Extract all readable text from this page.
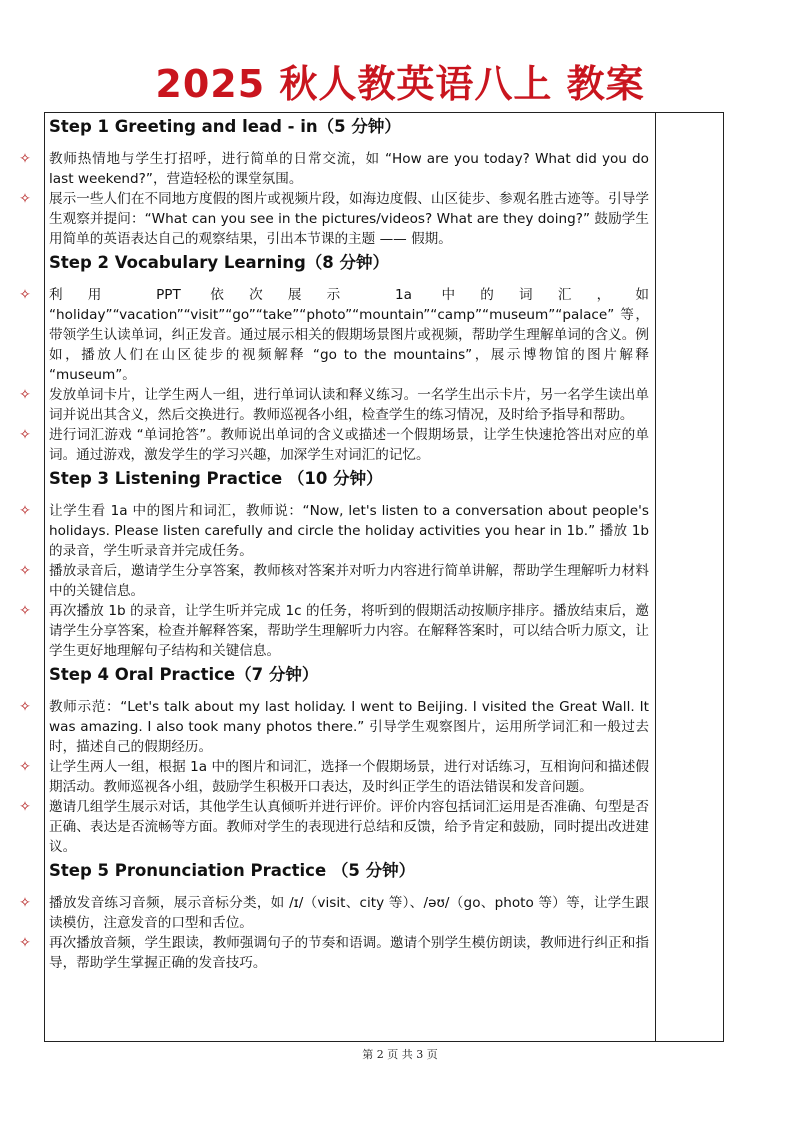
2025 秋人教英语八上 教案
Step 1 Greeting and lead - in（5 分钟）
✧	教师热情地与学生打招呼，进行简单的日常交流，如 “How are you today? What did you do last weekend?”，营造轻松的课堂氛围。
✧	展示一些人们在不同地方度假的图片或视频片段，如海边度假、山区徒步、参观名胜古迹等。引导学生观察并提问：“What can you see in the pictures/videos? What are they doing?” 鼓励学生用简单的英语表达自己的观察结果，引出本节课的主题 —— 假期。
Step 2 Vocabulary Learning（8 分钟）
✧	利用 PPT 依次展示 1a 中的词汇，如 “holiday”“vacation”“visit”“go”“take”“photo”“mountain”“camp”“museum”“palace” 等，带领学生认读单词，纠正发音。通过展示相关的假期场景图片或视频，帮助学生理解单词的含义。例如，播放人们在山区徒步的视频解释 “go to the mountains”，展示博物馆的图片解释 “museum”。
✧	发放单词卡片，让学生两人一组，进行单词认读和释义练习。一名学生出示卡片，另一名学生读出单词并说出其含义，然后交换进行。教师巡视各小组，检查学生的练习情况，及时给予指导和帮助。
✧	进行词汇游戏 “单词抢答”。教师说出单词的含义或描述一个假期场景，让学生快速抢答出对应的单词。通过游戏，激发学生的学习兴趣，加深学生对词汇的记忆。
Step 3 Listening Practice （10 分钟）
✧	让学生看 1a 中的图片和词汇，教师说：“Now, let's listen to a conversation about people's holidays. Please listen carefully and circle the holiday activities you hear in 1b.” 播放 1b 的录音，学生听录音并完成任务。
✧	播放录音后，邀请学生分享答案，教师核对答案并对听力内容进行简单讲解，帮助学生理解听力材料中的关键信息。
✧	再次播放 1b 的录音，让学生听并完成 1c 的任务，将听到的假期活动按顺序排序。播放结束后，邀请学生分享答案，检查并解释答案，帮助学生理解听力内容。在解释答案时，可以结合听力原文，让学生更好地理解句子结构和关键信息。
Step 4 Oral Practice（7 分钟）
✧	教师示范：“Let's talk about my last holiday. I went to Beijing. I visited the Great Wall. It was amazing. I also took many photos there.” 引导学生观察图片，运用所学词汇和一般过去时，描述自己的假期经历。
✧	让学生两人一组，根据 1a 中的图片和词汇，选择一个假期场景，进行对话练习，互相询问和描述假期活动。教师巡视各小组，鼓励学生积极开口表达，及时纠正学生的语法错误和发音问题。
✧	邀请几组学生展示对话，其他学生认真倾听并进行评价。评价内容包括词汇运用是否准确、句型是否正确、表达是否流畅等方面。教师对学生的表现进行总结和反馈，给予肯定和鼓励，同时提出改进建议。
Step 5 Pronunciation Practice （5 分钟）
✧	播放发音练习音频，展示音标分类，如 /ɪ/（visit、city 等）、/əʊ/（go、photo 等）等，让学生跟读模仿，注意发音的口型和舌位。
✧	再次播放音频，学生跟读，教师强调句子的节奏和语调。邀请个别学生模仿朗读，教师进行纠正和指导，帮助学生掌握正确的发音技巧。
第 2 页 共 3 页
